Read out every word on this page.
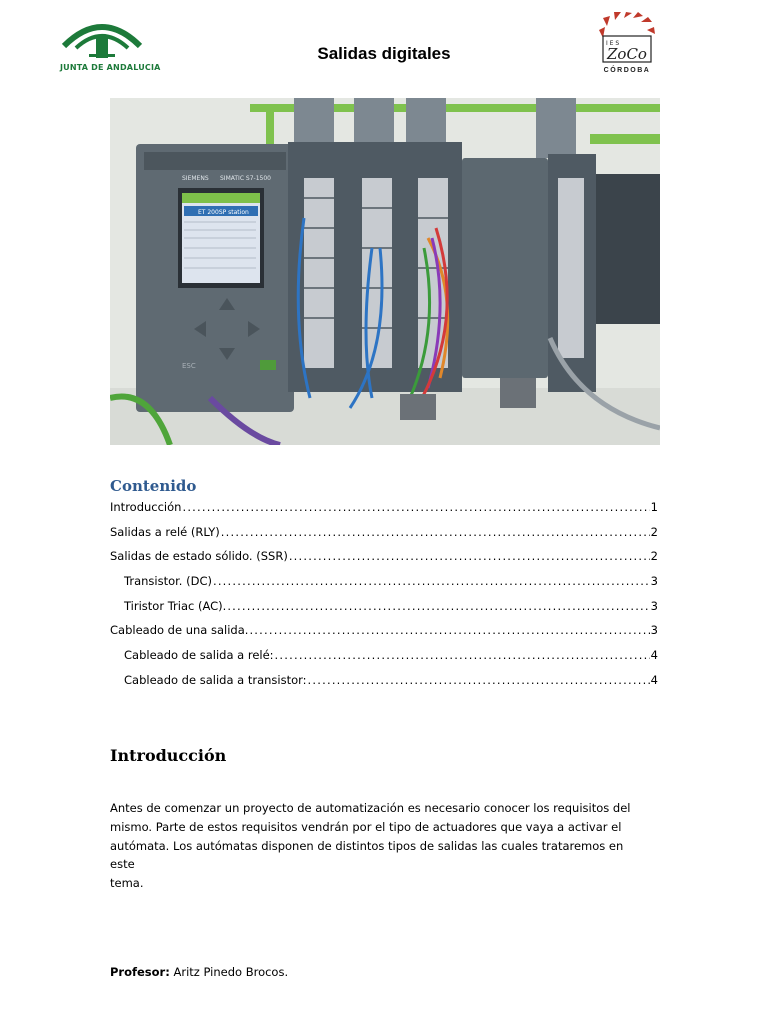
JUNTA DE ANDALUCIA
Salidas digitales
I E S
ZoCo
CÓRDOBA
SIEMENS SIMATIC S7-1500
ET 200SP station
ESC
Contenido
Introducción .....	1
Salidas a relé (RLY) .....	2
Salidas de estado sólido. (SSR) .....	2
Transistor. (DC) .....	3
Tiristor Triac (AC). .....	3
Cableado de una salida. .....	3
Cableado de salida a relé: .....	4
Cableado de salida a transistor: .....	4
Introducción
Antes de comenzar un proyecto de automatización es necesario conocer los requisitos del
mismo. Parte de estos requisitos vendrán por el tipo de actuadores que vaya a activar el
autómata. Los autómatas disponen de distintos tipos de salidas las cuales trataremos en este
tema.
Profesor: Aritz Pinedo Brocos.
